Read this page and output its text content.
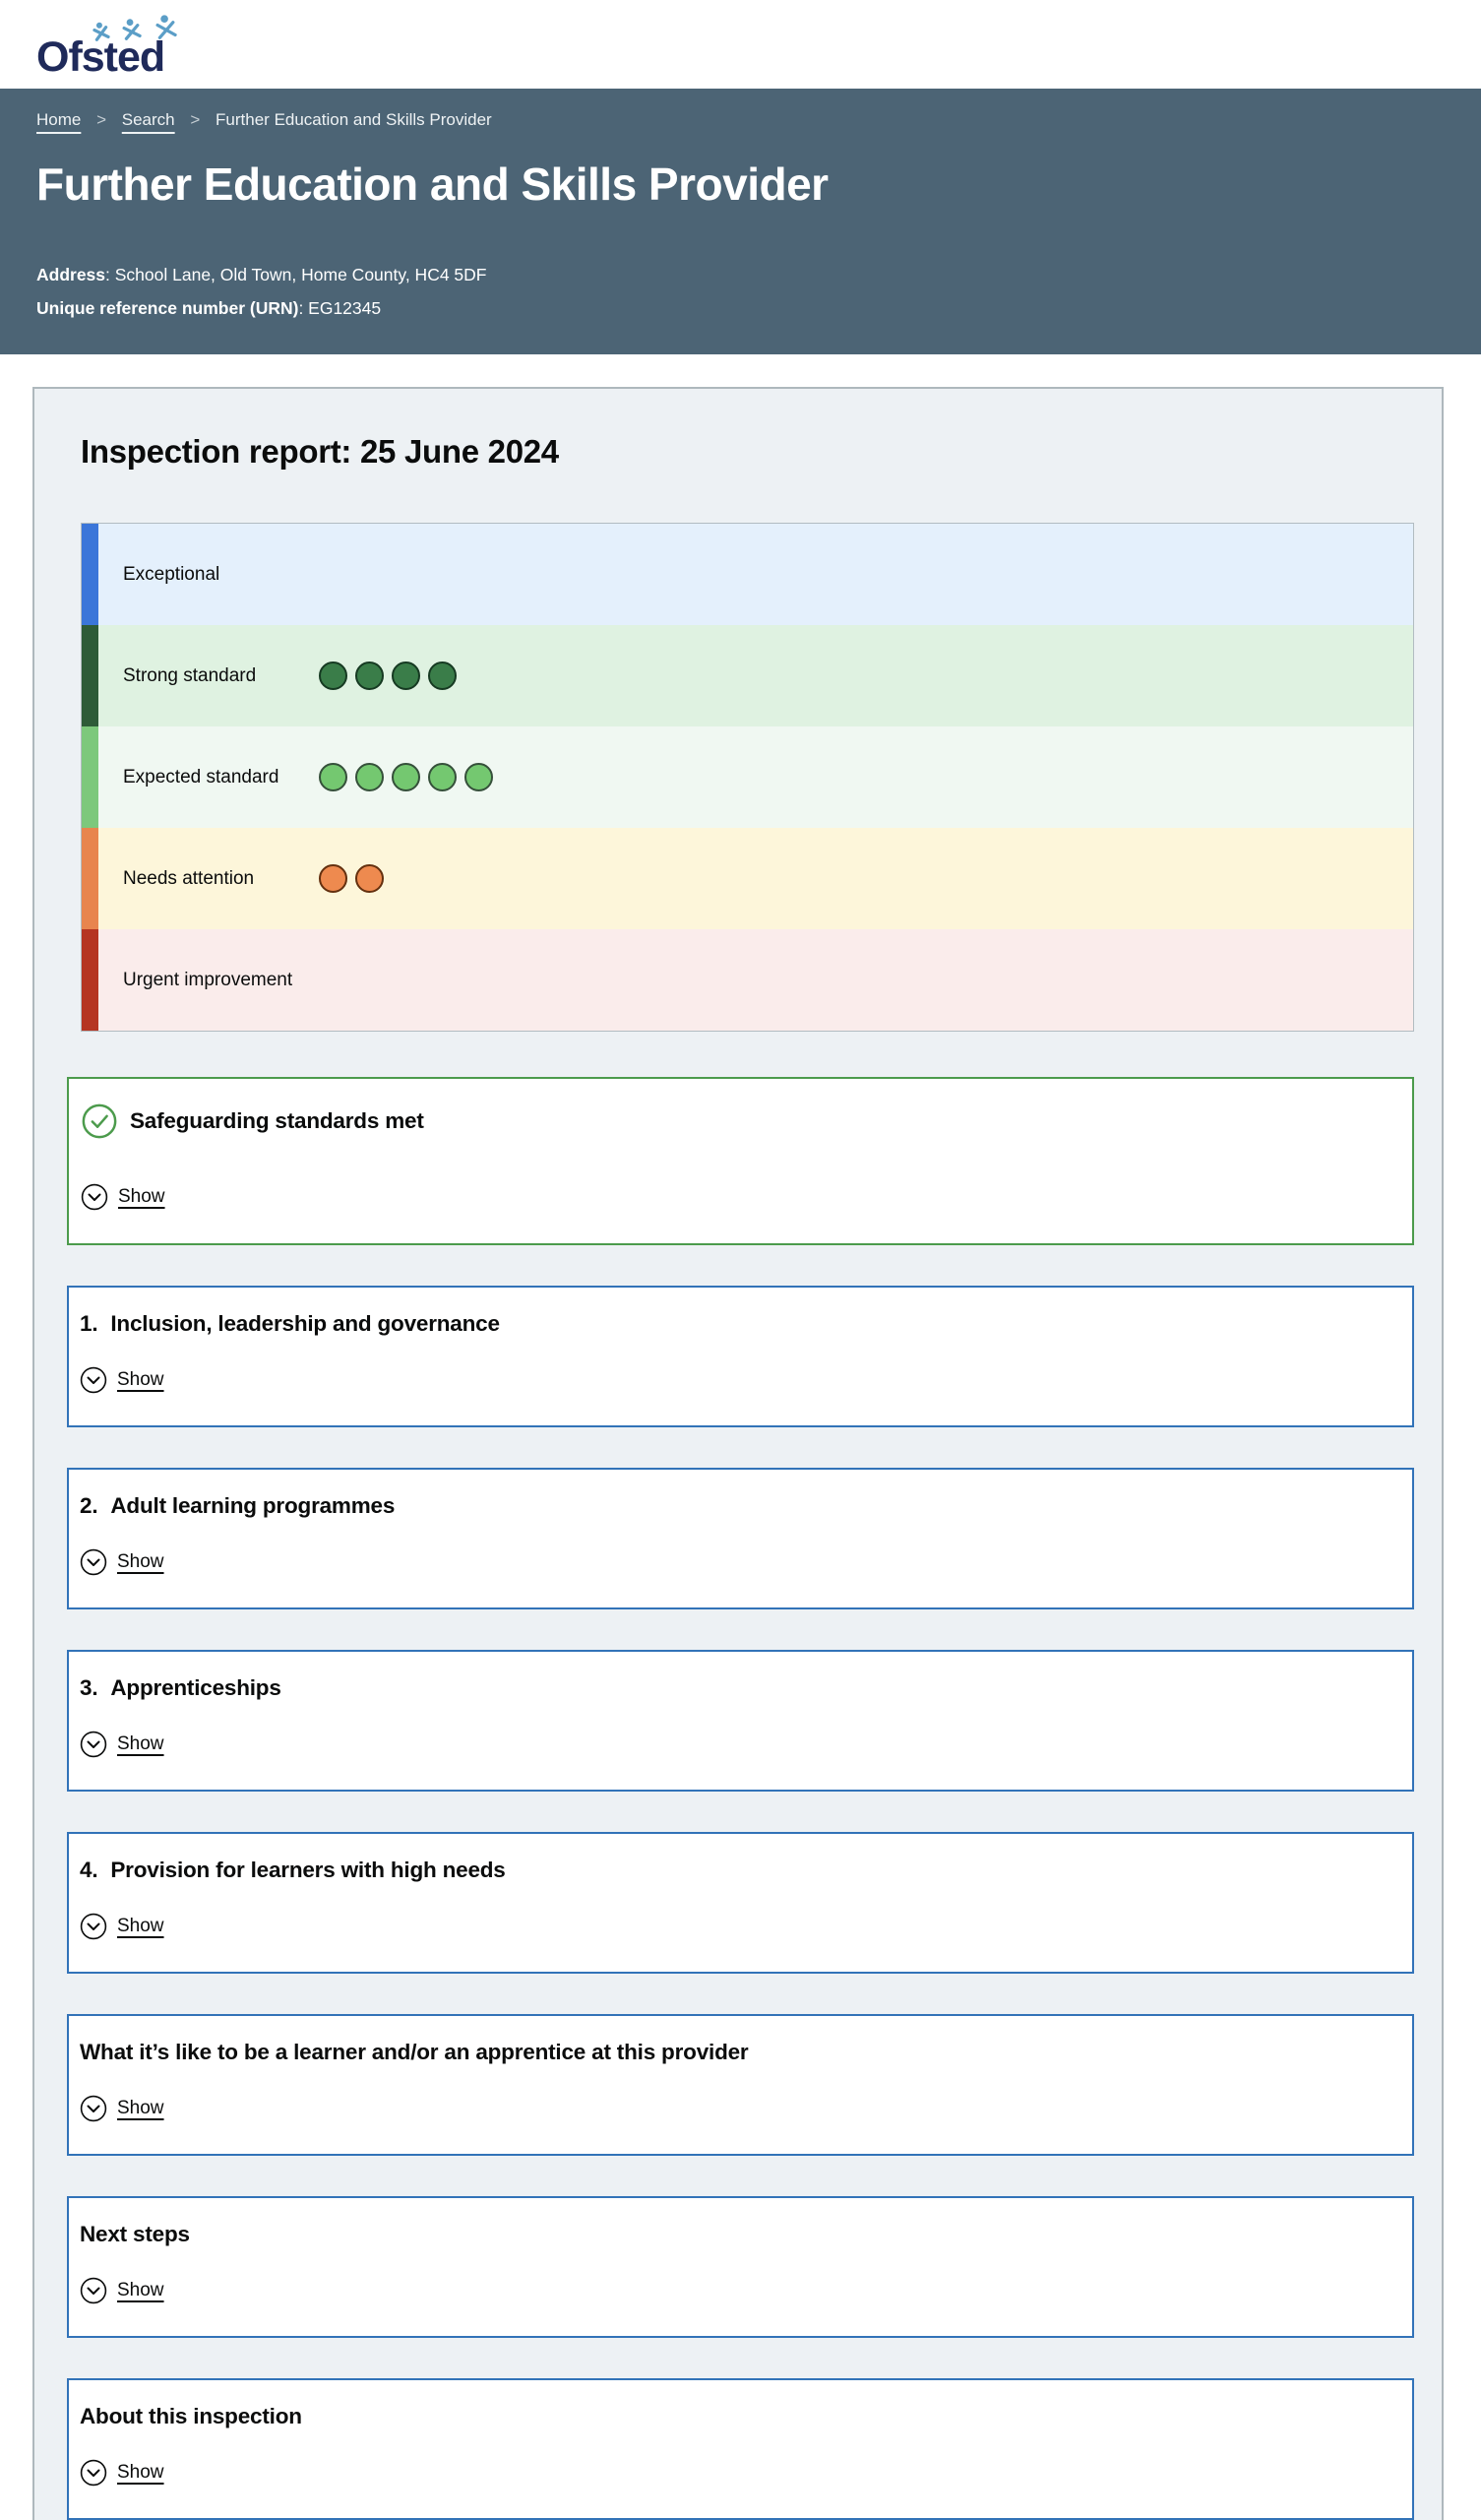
Ofsted
Home > Search > Further Education and Skills Provider
Further Education and Skills Provider
Address: School Lane, Old Town, Home County, HC4 5DF
Unique reference number (URN): EG12345
Inspection report: 25 June 2024
Exceptional
Strong standard
Expected standard
Needs attention
Urgent improvement
Safeguarding standards met
Show
1. Inclusion, leadership and governance
Show
2. Adult learning programmes
Show
3. Apprenticeships
Show
4. Provision for learners with high needs
Show
What it’s like to be a learner and/or an apprentice at this provider
Show
Next steps
Show
About this inspection
Show
